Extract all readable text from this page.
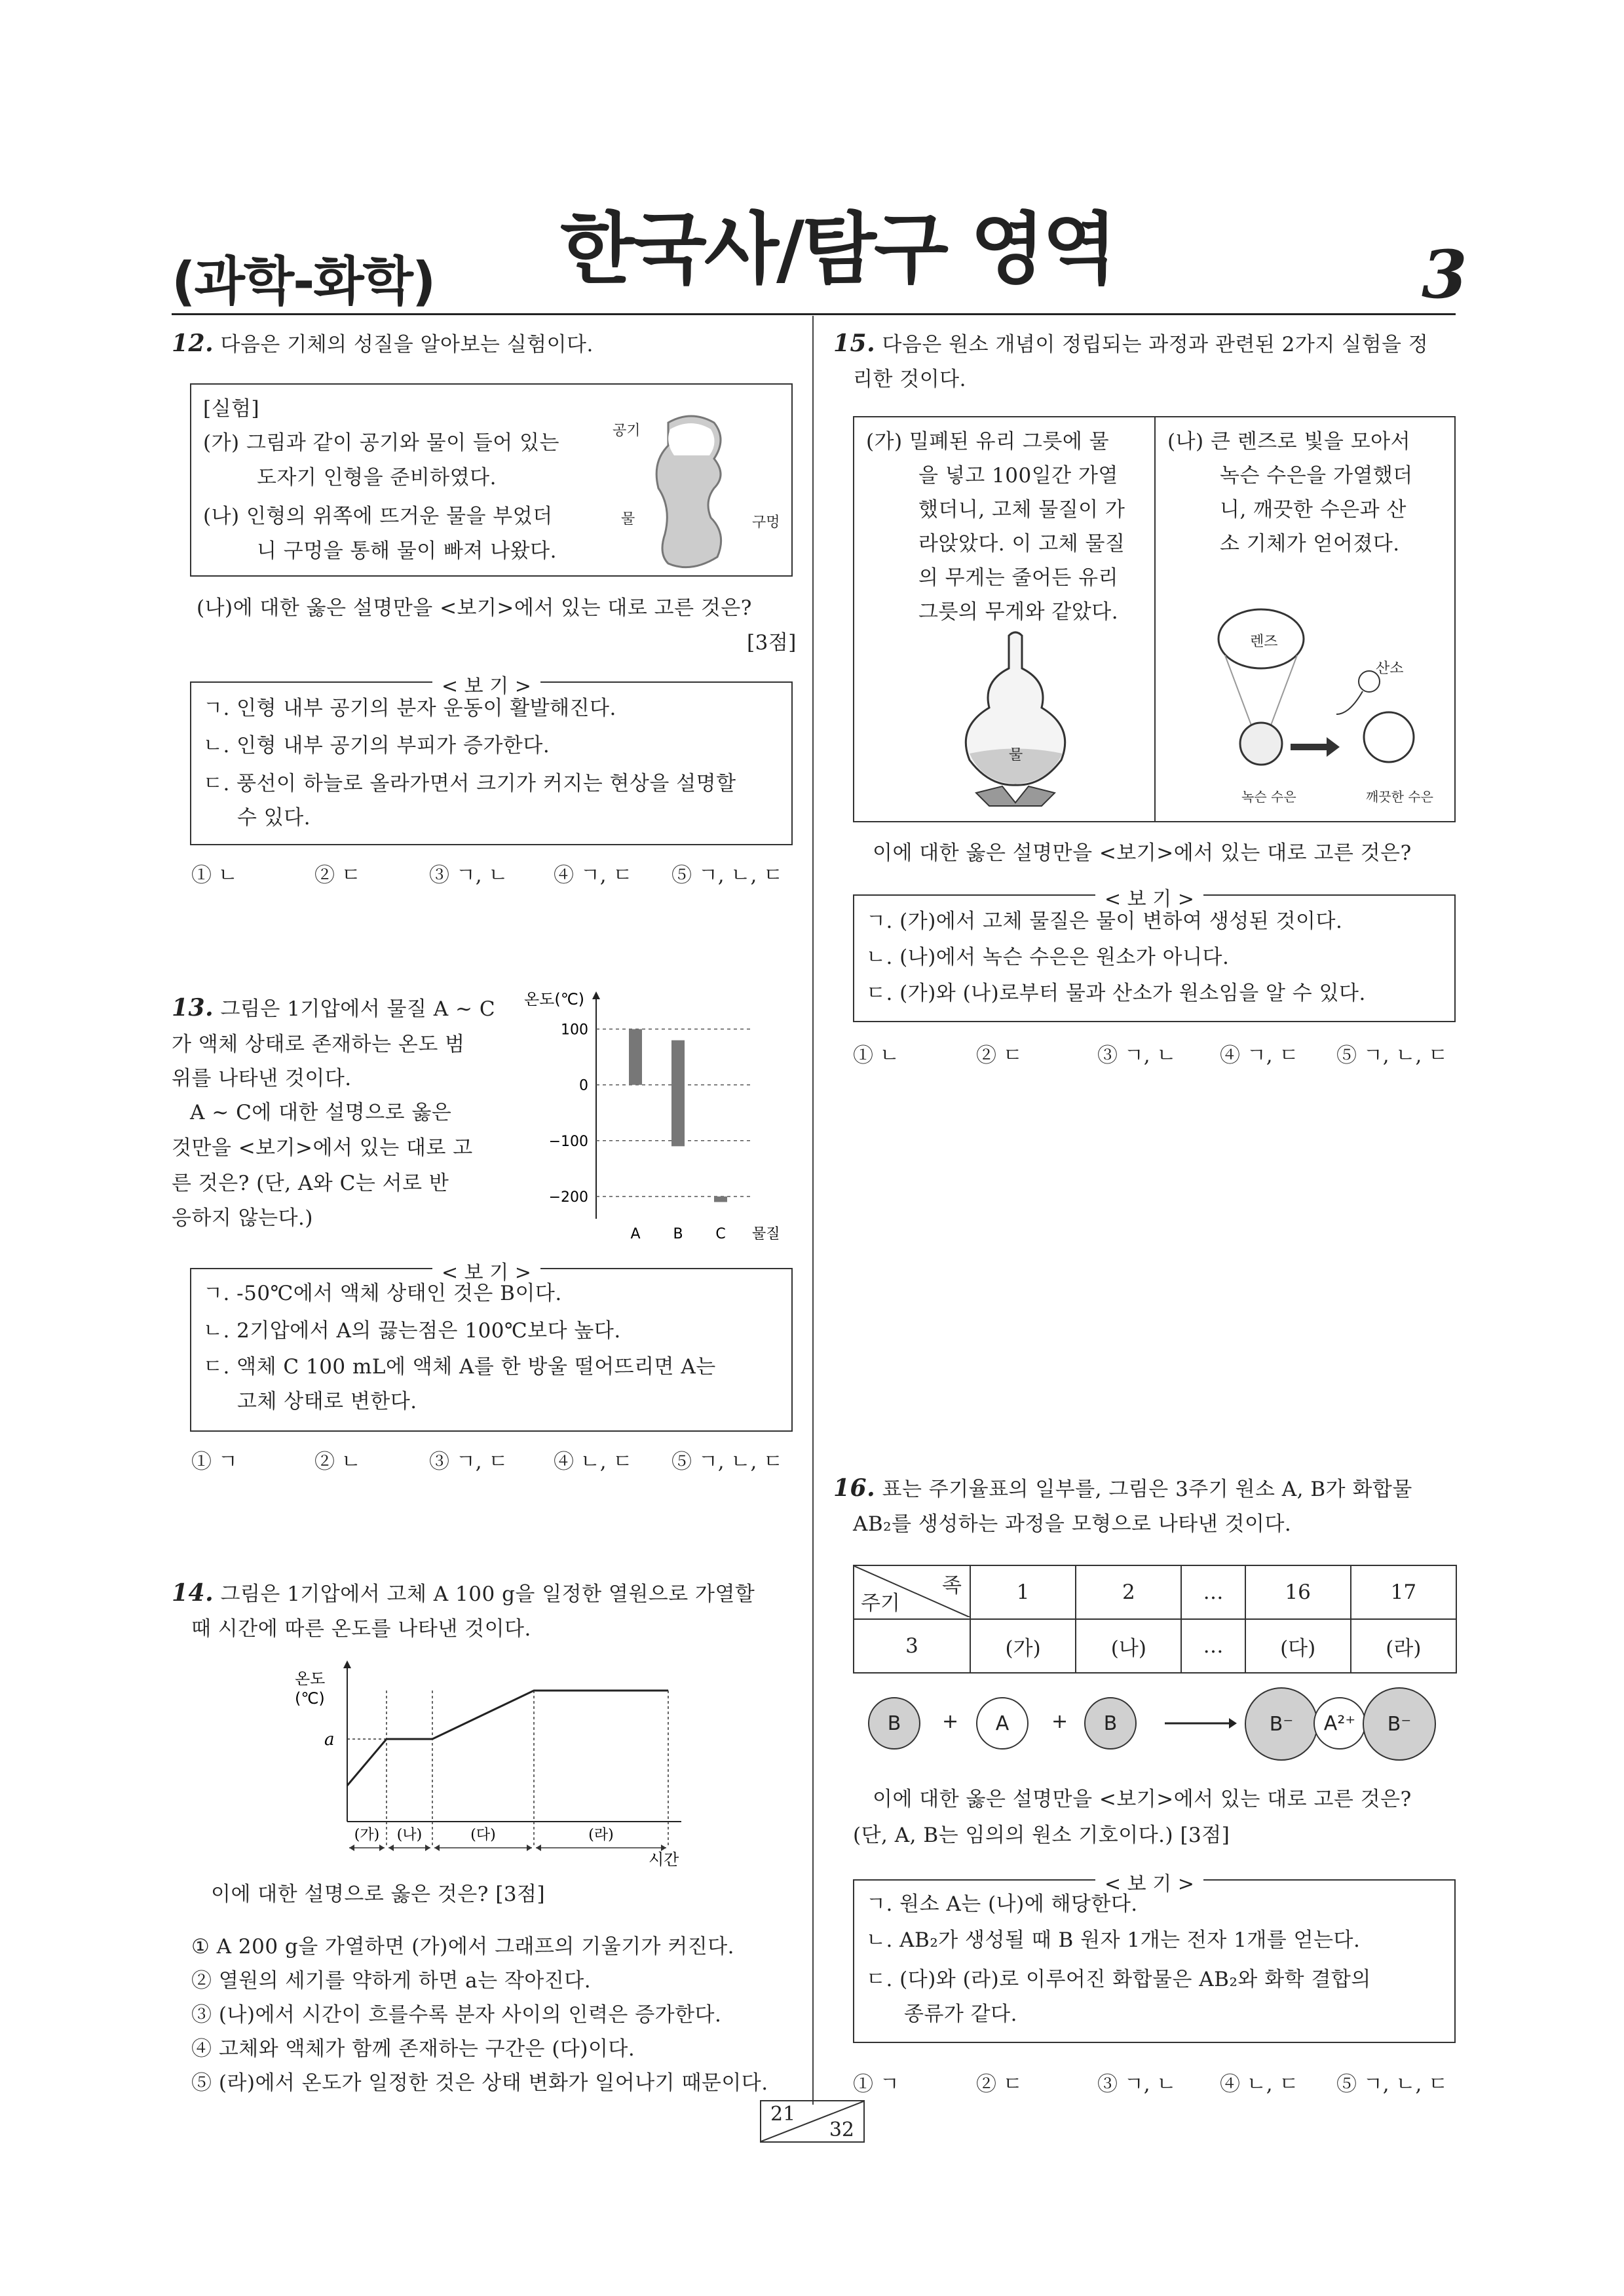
(과학-화학) 한국사/탐구 영역	3
12. 다음은 기체의 성질을 알아보는 실험이다.
[실험]
(가) 그림과 같이 공기와 물이 들어 있는
도자기 인형을 준비하였다.
(나) 인형의 위쪽에 뜨거운 물을 부었더
니 구멍을 통해 물이 빠져 나왔다.
공기
물	구멍
(나)에 대한 옳은 설명만을 <보기>에서 있는 대로 고른 것은?
[3점]
< 보 기 >
ㄱ. 인형 내부 공기의 분자 운동이 활발해진다.
ㄴ. 인형 내부 공기의 부피가 증가한다.
ㄷ. 풍선이 하늘로 올라가면서 크기가 커지는 현상을 설명할
수 있다.
① ㄴ	② ㄷ	③ ㄱ, ㄴ ④ ㄱ, ㄷ ⑤ ㄱ, ㄴ, ㄷ
13. 그림은 1기압에서 물질 A ~ C
가 액체 상태로 존재하는 온도 범
위를 나타낸 것이다.
A ~ C에 대한 설명으로 옳은
것만을 <보기>에서 있는 대로 고
른 것은? (단, A와 C는 서로 반
응하지 않는다.)
온도(℃)
100
0
−100
−200
A B C 물질
< 보 기 >
ㄱ. -50℃에서 액체 상태인 것은 B이다.
ㄴ. 2기압에서 A의 끓는점은 100℃보다 높다.
ㄷ. 액체 C 100 mL에 액체 A를 한 방울 떨어뜨리면 A는
고체 상태로 변한다.
① ㄱ	② ㄴ	③ ㄱ, ㄷ ④ ㄴ, ㄷ ⑤ ㄱ, ㄴ, ㄷ
14. 그림은 1기압에서 고체 A 100 g을 일정한 열원으로 가열할
때 시간에 따른 온도를 나타낸 것이다.
온도
(℃)
a
(가) (나)	(다)	(라)
시간
이에 대한 설명으로 옳은 것은? [3점]
① A 200 g을 가열하면 (가)에서 그래프의 기울기가 커진다.
② 열원의 세기를 약하게 하면 a는 작아진다.
③ (나)에서 시간이 흐를수록 분자 사이의 인력은 증가한다.
④ 고체와 액체가 함께 존재하는 구간은 (다)이다.
⑤ (라)에서 온도가 일정한 것은 상태 변화가 일어나기 때문이다.
15. 다음은 원소 개념이 정립되는 과정과 관련된 2가지 실험을 정
리한 것이다.
(가) 밀폐된 유리 그릇에 물
을 넣고 100일간 가열
했더니, 고체 물질이 가
라앉았다. 이 고체 물질
의 무게는 줄어든 유리
그릇의 무게와 같았다.
(나) 큰 렌즈로 빛을 모아서
녹슨 수은을 가열했더
니, 깨끗한 수은과 산
소 기체가 얻어졌다.
물
렌즈
산소
녹슨 수은	깨끗한 수은
이에 대한 옳은 설명만을 <보기>에서 있는 대로 고른 것은?
< 보 기 >
ㄱ. (가)에서 고체 물질은 물이 변하여 생성된 것이다.
ㄴ. (나)에서 녹슨 수은은 원소가 아니다.
ㄷ. (가)와 (나)로부터 물과 산소가 원소임을 알 수 있다.
① ㄴ	② ㄷ	③ ㄱ, ㄴ ④ ㄱ, ㄷ ⑤ ㄱ, ㄴ, ㄷ
16. 표는 주기율표의 일부를, 그림은 3주기 원소 A, B가 화합물
AB₂를 생성하는 과정을 모형으로 나타낸 것이다.
족
주기	1	2	…	16	17
3	(가)	(나)	…	(다)	(라)
B	+	A	+	B	B⁻	A²⁺	B⁻
이에 대한 옳은 설명만을 <보기>에서 있는 대로 고른 것은?
(단, A, B는 임의의 원소 기호이다.) [3점]
< 보 기 >
ㄱ. 원소 A는 (나)에 해당한다.
ㄴ. AB₂가 생성될 때 B 원자 1개는 전자 1개를 얻는다.
ㄷ. (다)와 (라)로 이루어진 화합물은 AB₂와 화학 결합의
종류가 같다.
① ㄱ	② ㄷ	③ ㄱ, ㄴ ④ ㄴ, ㄷ ⑤ ㄱ, ㄴ, ㄷ
21
32
